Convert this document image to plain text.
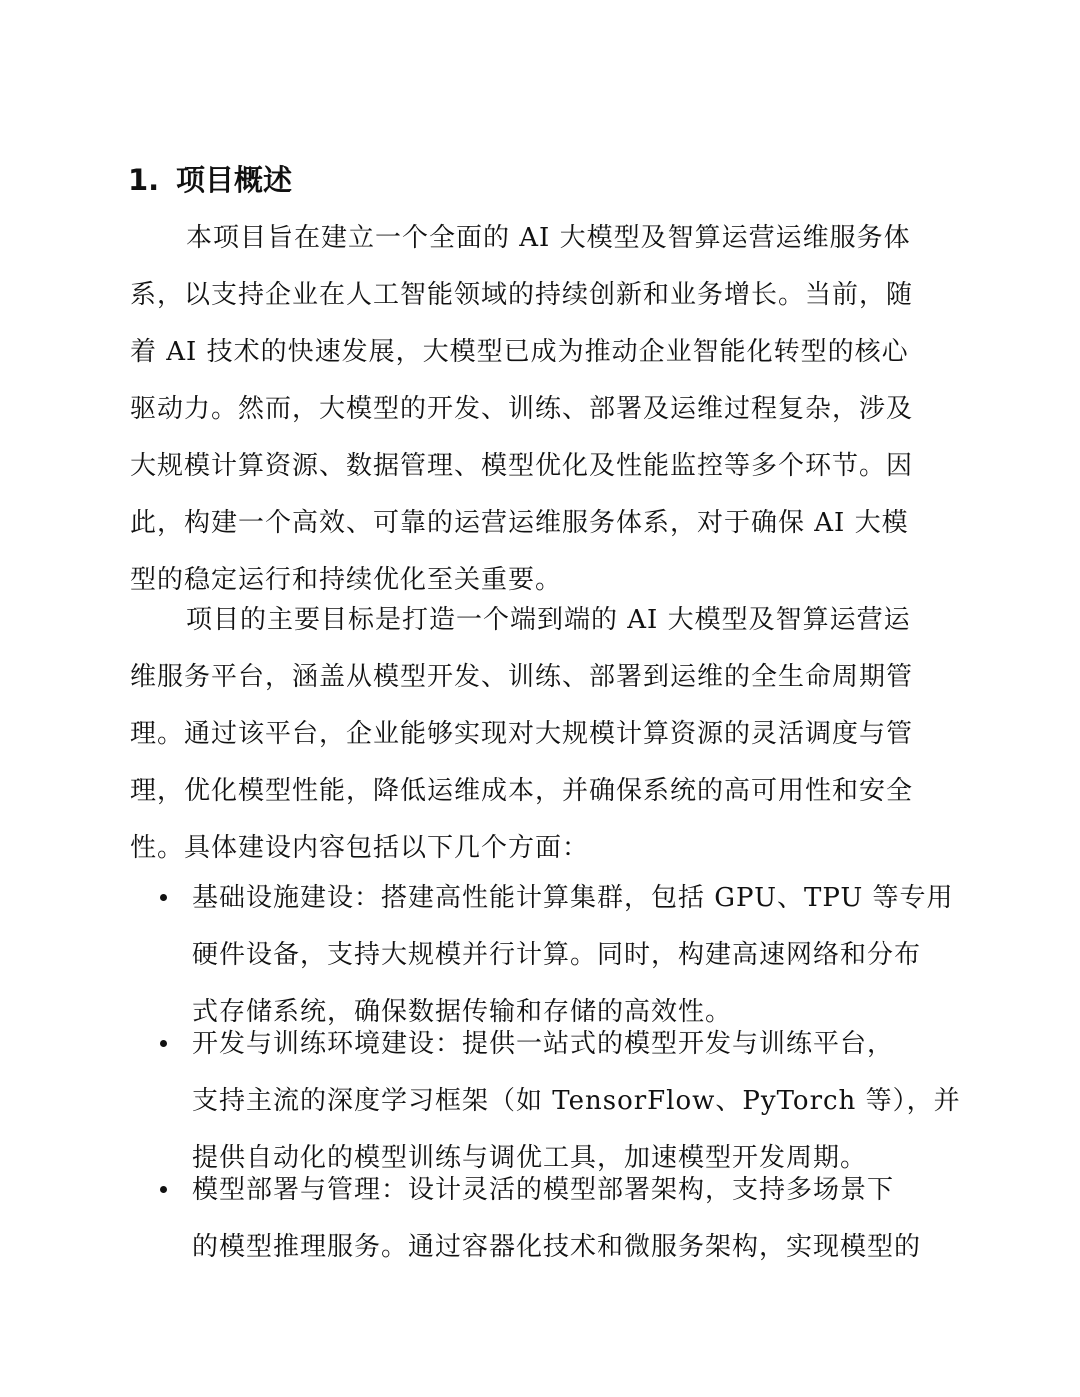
1. 项目概述
本项目旨在建立一个全面的 AI 大模型及智算运营运维服务体
系，以支持企业在人工智能领域的持续创新和业务增长。当前，随
着 AI 技术的快速发展，大模型已成为推动企业智能化转型的核心
驱动力。然而，大模型的开发、训练、部署及运维过程复杂，涉及
大规模计算资源、数据管理、模型优化及性能监控等多个环节。因
此，构建一个高效、可靠的运营运维服务体系，对于确保 AI 大模
型的稳定运行和持续优化至关重要。
项目的主要目标是打造一个端到端的 AI 大模型及智算运营运
维服务平台，涵盖从模型开发、训练、部署到运维的全生命周期管
理。通过该平台，企业能够实现对大规模计算资源的灵活调度与管
理，优化模型性能，降低运维成本，并确保系统的高可用性和安全
性。具体建设内容包括以下几个方面：
基础设施建设：搭建高性能计算集群，包括 GPU、TPU 等专用
硬件设备，支持大规模并行计算。同时，构建高速网络和分布
式存储系统，确保数据传输和存储的高效性。
开发与训练环境建设：提供一站式的模型开发与训练平台，
支持主流的深度学习框架（如 TensorFlow、PyTorch 等），并
提供自动化的模型训练与调优工具，加速模型开发周期。
模型部署与管理：设计灵活的模型部署架构，支持多场景下
的模型推理服务。通过容器化技术和微服务架构，实现模型的
